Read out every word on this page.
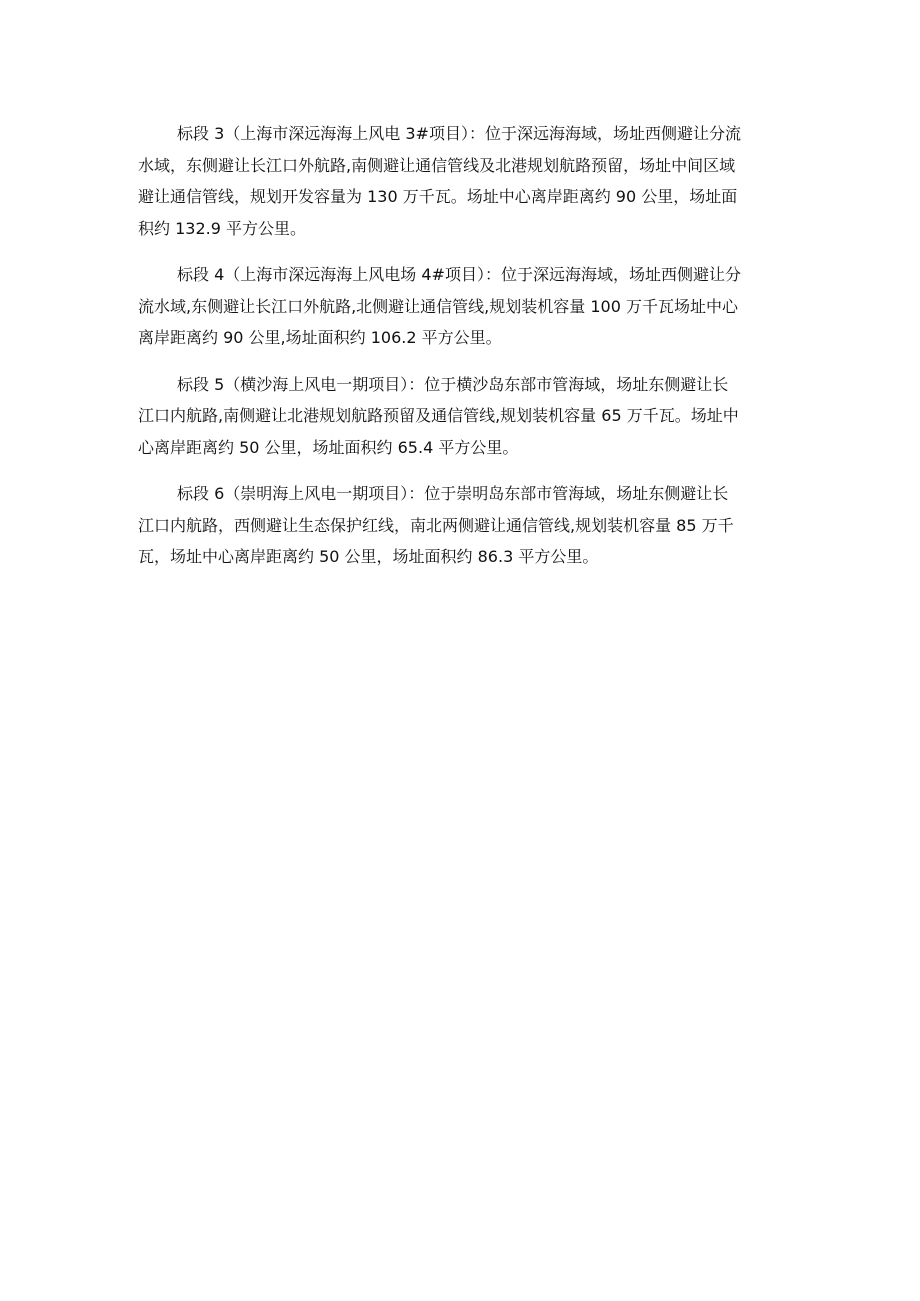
标段 3（上海市深远海海上风电 3#项目）：位于深远海海域，场址西侧避让分流
水域，东侧避让长江口外航路,南侧避让通信管线及北港规划航路预留，场址中间区域
避让通信管线，规划开发容量为 130 万千瓦。场址中心离岸距离约 90 公里，场址面
积约 132.9 平方公里。

标段 4（上海市深远海海上风电场 4#项目）：位于深远海海域，场址西侧避让分
流水域,东侧避让长江口外航路,北侧避让通信管线,规划装机容量 100 万千瓦场址中心
离岸距离约 90 公里,场址面积约 106.2 平方公里。

标段 5（横沙海上风电一期项目）：位于横沙岛东部市管海域，场址东侧避让长
江口内航路,南侧避让北港规划航路预留及通信管线,规划装机容量 65 万千瓦。场址中
心离岸距离约 50 公里，场址面积约 65.4 平方公里。

标段 6（崇明海上风电一期项目）：位于崇明岛东部市管海域，场址东侧避让长
江口内航路，西侧避让生态保护红线，南北两侧避让通信管线,规划装机容量 85 万千
瓦，场址中心离岸距离约 50 公里，场址面积约 86.3 平方公里。
